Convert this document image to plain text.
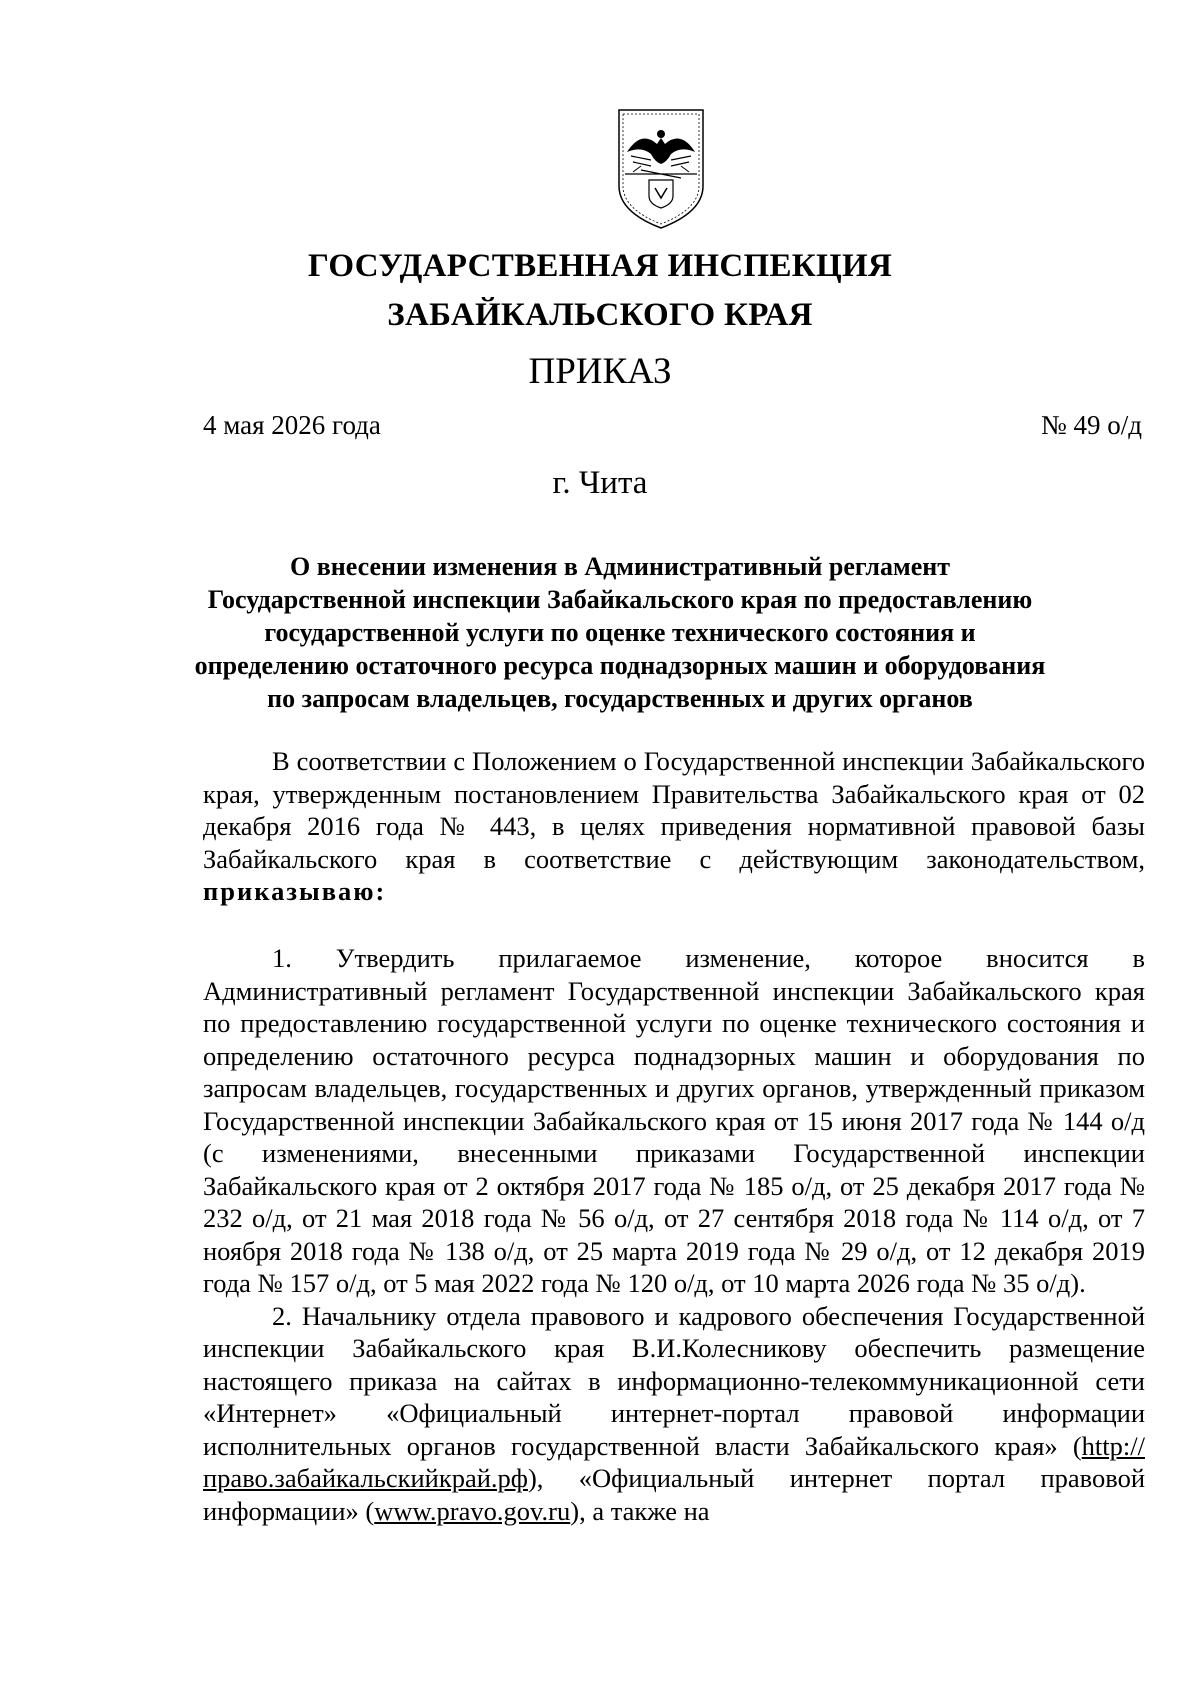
ГОСУДАРСТВЕННАЯ ИНСПЕКЦИЯ
ЗАБАЙКАЛЬСКОГО КРАЯ
ПРИКАЗ
4 мая 2026 года	№ 49 о/д
г. Чита
О внесении изменения в Административный регламент
Государственной инспекции Забайкальского края по предоставлению
государственной услуги по оценке технического состояния и
определению остаточного ресурса поднадзорных машин и оборудования
по запросам владельцев, государственных и других органов

В соответствии с Положением о Государственной инспекции Забайкальского края, утвержденным постановлением Правительства Забайкальского края от 02 декабря 2016 года № 443, в целях приведения нормативной правовой базы Забайкальского края в соответствие с действующим законодательством, приказываю:

1. Утвердить прилагаемое изменение, которое вносится в Административный регламент Государственной инспекции Забайкальского края по предоставлению государственной услуги по оценке технического состояния и определению остаточного ресурса поднадзорных машин и оборудования по запросам владельцев, государственных и других органов, утвержденный приказом Государственной инспекции Забайкальского края от 15 июня 2017 года № 144 о/д (с изменениями, внесенными приказами Государственной инспекции Забайкальского края от 2 октября 2017 года № 185 о/д, от 25 декабря 2017 года № 232 о/д, от 21 мая 2018 года № 56 о/д, от 27 сентября 2018 года № 114 о/д, от 7 ноября 2018 года № 138 о/д, от 25 марта 2019 года № 29 о/д, от 12 декабря 2019 года № 157 о/д, от 5 мая 2022 года № 120 о/д, от 10 марта 2026 года № 35 о/д).

2. Начальнику отдела правового и кадрового обеспечения Государственной инспекции Забайкальского края В.И.Колесникову обеспечить размещение настоящего приказа на сайтах в информационно-телекоммуникационной сети «Интернет» «Официальный интернет-портал правовой информации исполнительных органов государственной власти Забайкальского края» (http://право.забайкальскийкрай.рф), «Официальный интернет портал правовой информации» (www.pravo.gov.ru), а также на
